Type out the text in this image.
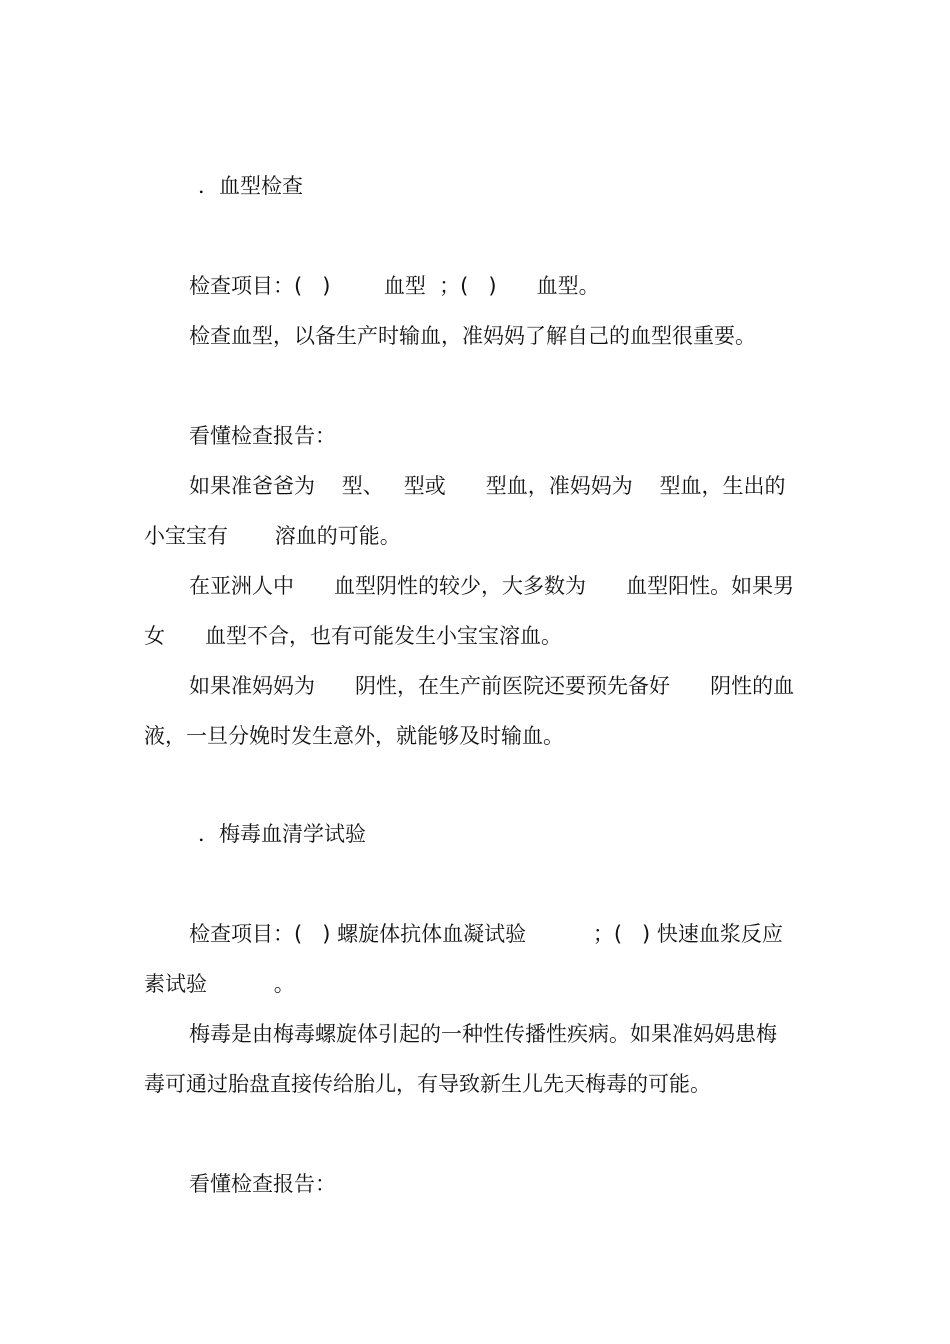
．血型检查

检查项目：(   )        血型  ；(   )      血型。

检查血型，以备生产时输血，准妈妈了解自己的血型很重要。

看懂检查报告：

如果准爸爸为    型、   型或      型血，准妈妈为    型血，生出的

小宝宝有       溶血的可能。

在亚洲人中      血型阴性的较少，大多数为      血型阳性。如果男

女      血型不合，也有可能发生小宝宝溶血。

如果准妈妈为      阴性，在生产前医院还要预先备好      阴性的血

液，一旦分娩时发生意外，就能够及时输血。

．梅毒血清学试验

检查项目：(   ) 螺旋体抗体血凝试验          ；(   ) 快速血浆反应

素试验          。

梅毒是由梅毒螺旋体引起的一种性传播性疾病。如果准妈妈患梅

毒可通过胎盘直接传给胎儿，有导致新生儿先天梅毒的可能。

看懂检查报告：
